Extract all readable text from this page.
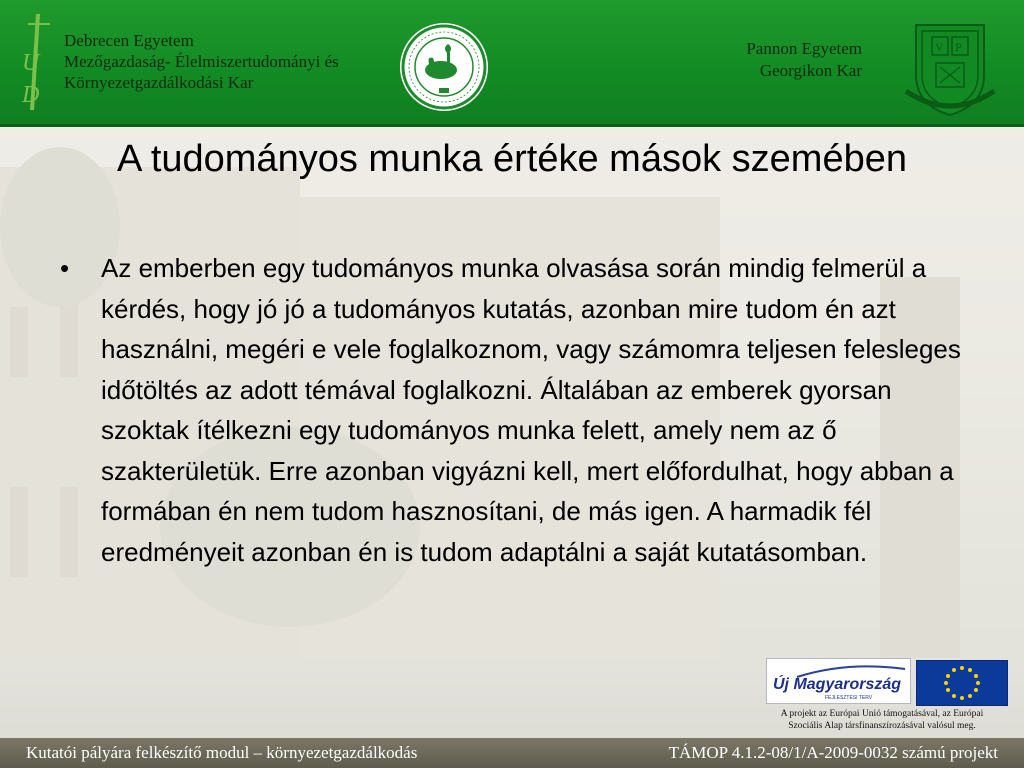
U
D
Debrecen Egyetem
Mezőgazdaság- Élelmiszertudományi és
Környezetgazdálkodási Kar
Pannon Egyetem
Georgikon Kar
V P
A tudományos munka értéke mások szemében
• Az emberben egy tudományos munka olvasása során mindig felmerül a kérdés, hogy jó jó a tudományos kutatás, azonban mire tudom én azt használni, megéri e vele foglalkoznom, vagy számomra teljesen felesleges időtöltés az adott témával foglalkozni. Általában az emberek gyorsan szoktak ítélkezni egy tudományos munka felett, amely nem az ő szakterületük. Erre azonban vigyázni kell, mert előfordulhat, hogy abban a formában én nem tudom hasznosítani, de más igen. A harmadik fél eredményeit azonban én is tudom adaptálni a saját kutatásomban.
Új Magyarország
FEJLESZTÉSI TERV
A projekt az Európai Unió támogatásával, az Európai
Szociális Alap társfinanszírozásával valósul meg.
Kutatói pályára felkészítő modul – környezetgazdálkodás	TÁMOP 4.1.2-08/1/A-2009-0032 számú projekt
